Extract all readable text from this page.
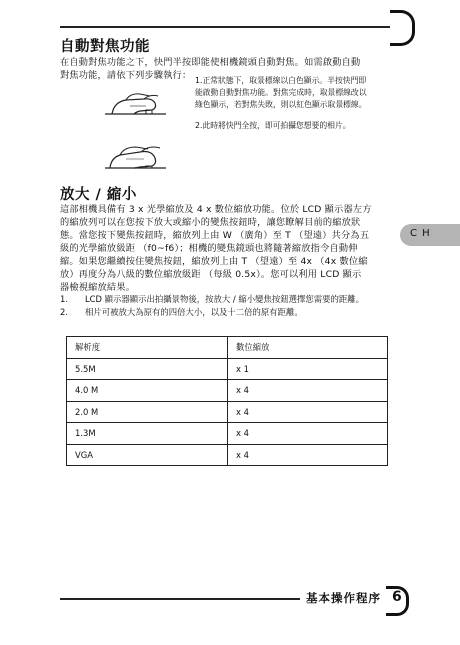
自動對焦功能
在自動對焦功能之下，快門半按即能使相機鏡頭自動對焦。如需啟動自動
對焦功能，請依下列步驟執行： 1.正常狀態下，取景標線以白色顯示。半按快門即
能啟動自動對焦功能。對焦完成時，取景標線改以
綠色顯示，若對焦失敗，則以紅色顯示取景標線。
2.此時將快門全按，即可拍攝您想要的相片。
放大 / 縮小
這部相機具備有 3 x 光學縮放及 4 x 數位縮放功能。位於 LCD 顯示器左方
的縮放列可以在您按下放大或縮小的變焦按鈕時，讓您瞭解目前的縮放狀
態。當您按下變焦按鈕時，縮放列上由 W （廣角）至 T （望遠）共分為五
級的光學縮放級距 （f0~f6）；相機的變焦鏡頭也將隨著縮放指令自動伸
縮。如果您繼續按住變焦按鈕，縮放列上由 T （望遠）至 4x （4x 數位縮
放）再度分為八級的數位縮放級距 （每級 0.5x）。您可以利用 LCD 顯示
器檢視縮放結果。
C H
1. LCD 顯示器顯示出拍攝景物後，按放大 / 縮小變焦按鈕選擇您需要的距離。
2. 相片可被放大為原有的四倍大小，以及十二倍的原有距離。
解析度	數位縮放
5.5M	x 1
4.0 M	x 4
2.0 M	x 4
1.3M	x 4
VGA	x 4
基本操作程序 6
